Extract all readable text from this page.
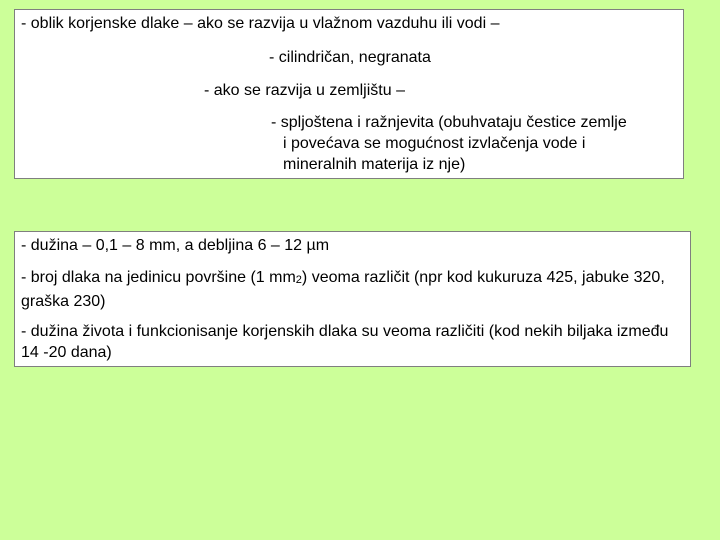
- oblik korjenske dlake – ako se razvija u vlažnom vazduhu ili vodi –
- cilindričan, negranata
- ako se razvija u zemljištu –
- spljoštena i ražnjevita (obuhvataju čestice zemlje
i povećava se mogućnost izvlačenja vode i
mineralnih materija iz nje)
- dužina – 0,1 – 8 mm, a debljina 6 – 12 µm
- broj dlaka na jedinicu površine (1 mm2) veoma različit (npr kod kukuruza 425, jabuke 320, graška 230)
- dužina života i funkcionisanje korjenskih dlaka su veoma različiti (kod nekih biljaka između 14 -20 dana)
